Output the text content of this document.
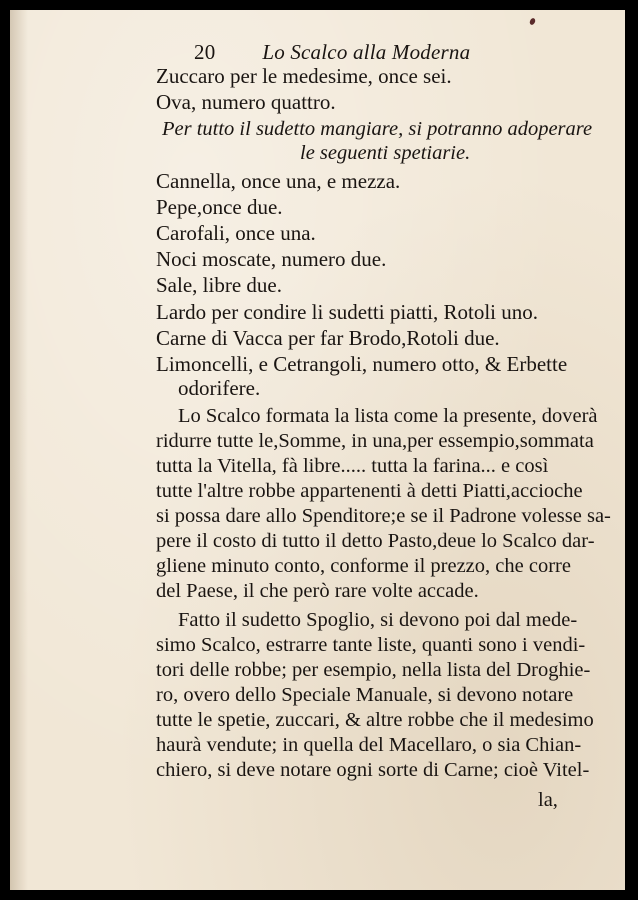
20 Lo Scalco alla Moderna
Zuccaro per le medesime, once sei.
Ova, numero quattro.
Per tutto il sudetto mangiare, si potranno adoperare
le seguenti spetiarie.
Cannella, once una, e mezza.
Pepe,once due.
Carofali, once una.
Noci moscate, numero due.
Sale, libre due.
Lardo per condire li sudetti piatti, Rotoli uno.
Carne di Vacca per far Brodo,Rotoli due.
Limoncelli, e Cetrangoli, numero otto, & Erbette
odorifere.
Lo Scalco formata la lista come la presente, doverà
ridurre tutte le,Somme, in una,per essempio,sommata
tutta la Vitella, fà libre..... tutta la farina... e così
tutte l'altre robbe appartenenti à detti Piatti,accioche
si possa dare allo Spenditore;e se il Padrone volesse sa-
pere il costo di tutto il detto Pasto,deue lo Scalco dar-
gliene minuto conto, conforme il prezzo, che corre
del Paese, il che però rare volte accade.
Fatto il sudetto Spoglio, si devono poi dal mede-
simo Scalco, estrarre tante liste, quanti sono i vendi-
tori delle robbe; per esempio, nella lista del Droghie-
ro, overo dello Speciale Manuale, si devono notare
tutte le spetie, zuccari, & altre robbe che il medesimo
haurà vendute; in quella del Macellaro, o sia Chian-
chiero, si deve notare ogni sorte di Carne; cioè Vitel-
la,
